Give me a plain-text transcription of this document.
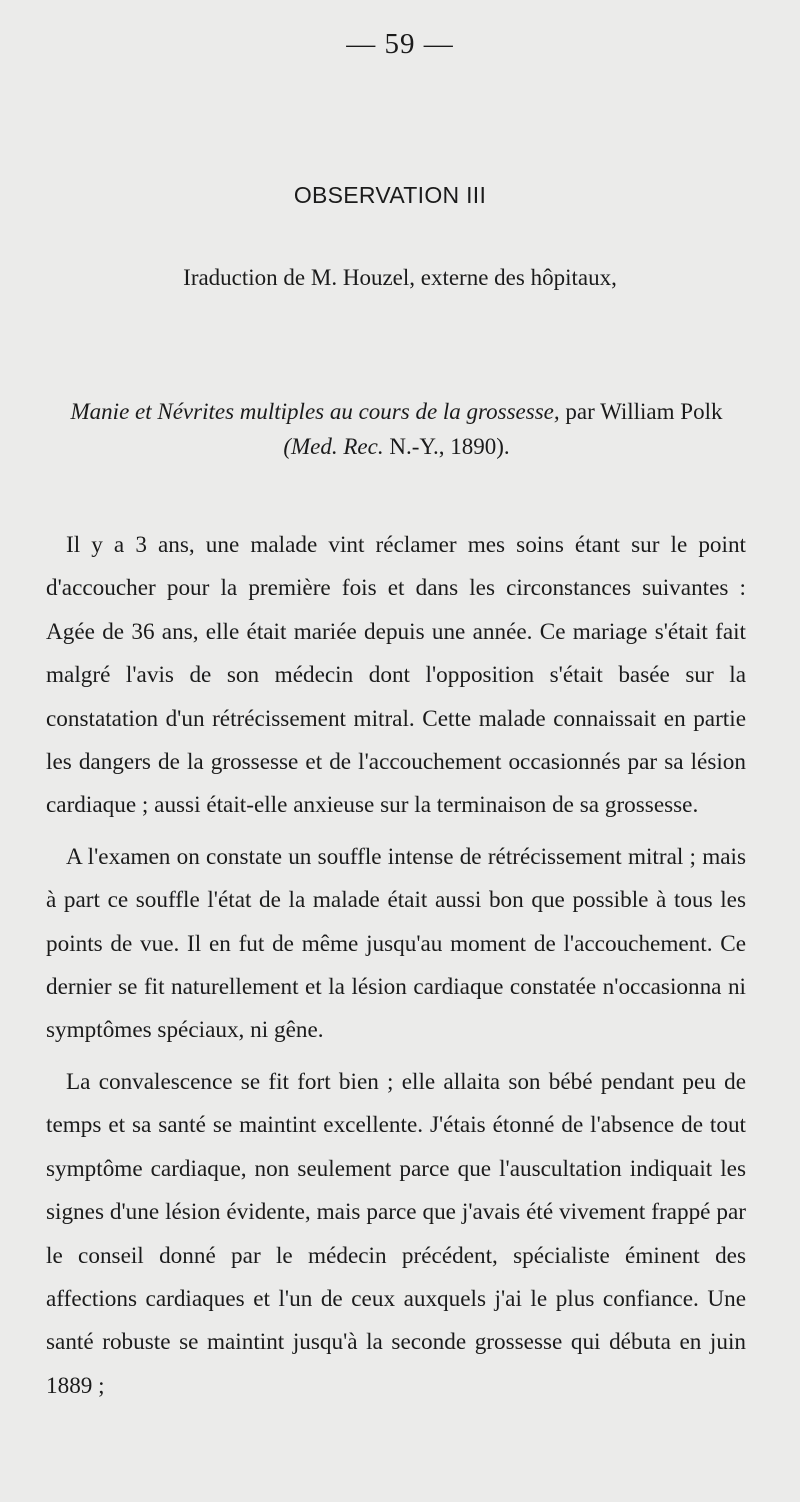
— 59 —
OBSERVATION III
Iraduction de M. Houzel, externe des hôpitaux,
Manie et Névrites multiples au cours de la grossesse, par William Polk (Med. Rec. N.-Y., 1890).

Il y a 3 ans, une malade vint réclamer mes soins étant sur le point d'accoucher pour la première fois et dans les circonstances suivantes : Agée de 36 ans, elle était mariée depuis une année. Ce mariage s'était fait malgré l'avis de son médecin dont l'opposition s'était basée sur la constatation d'un rétrécissement mitral. Cette malade connaissait en partie les dangers de la grossesse et de l'accouchement occasionnés par sa lésion cardiaque ; aussi était-elle anxieuse sur la terminaison de sa grossesse.

A l'examen on constate un souffle intense de rétrécissement mitral ; mais à part ce souffle l'état de la malade était aussi bon que possible à tous les points de vue. Il en fut de même jusqu'au moment de l'accouchement. Ce dernier se fit naturellement et la lésion cardiaque constatée n'occasionna ni symptômes spéciaux, ni gêne.

La convalescence se fit fort bien ; elle allaita son bébé pendant peu de temps et sa santé se maintint excellente. J'étais étonné de l'absence de tout symptôme cardiaque, non seulement parce que l'auscultation indiquait les signes d'une lésion évidente, mais parce que j'avais été vivement frappé par le conseil donné par le médecin précédent, spécialiste éminent des affections cardiaques et l'un de ceux auxquels j'ai le plus confiance. Une santé robuste se maintint jusqu'à la seconde grossesse qui débuta en juin 1889 ;
